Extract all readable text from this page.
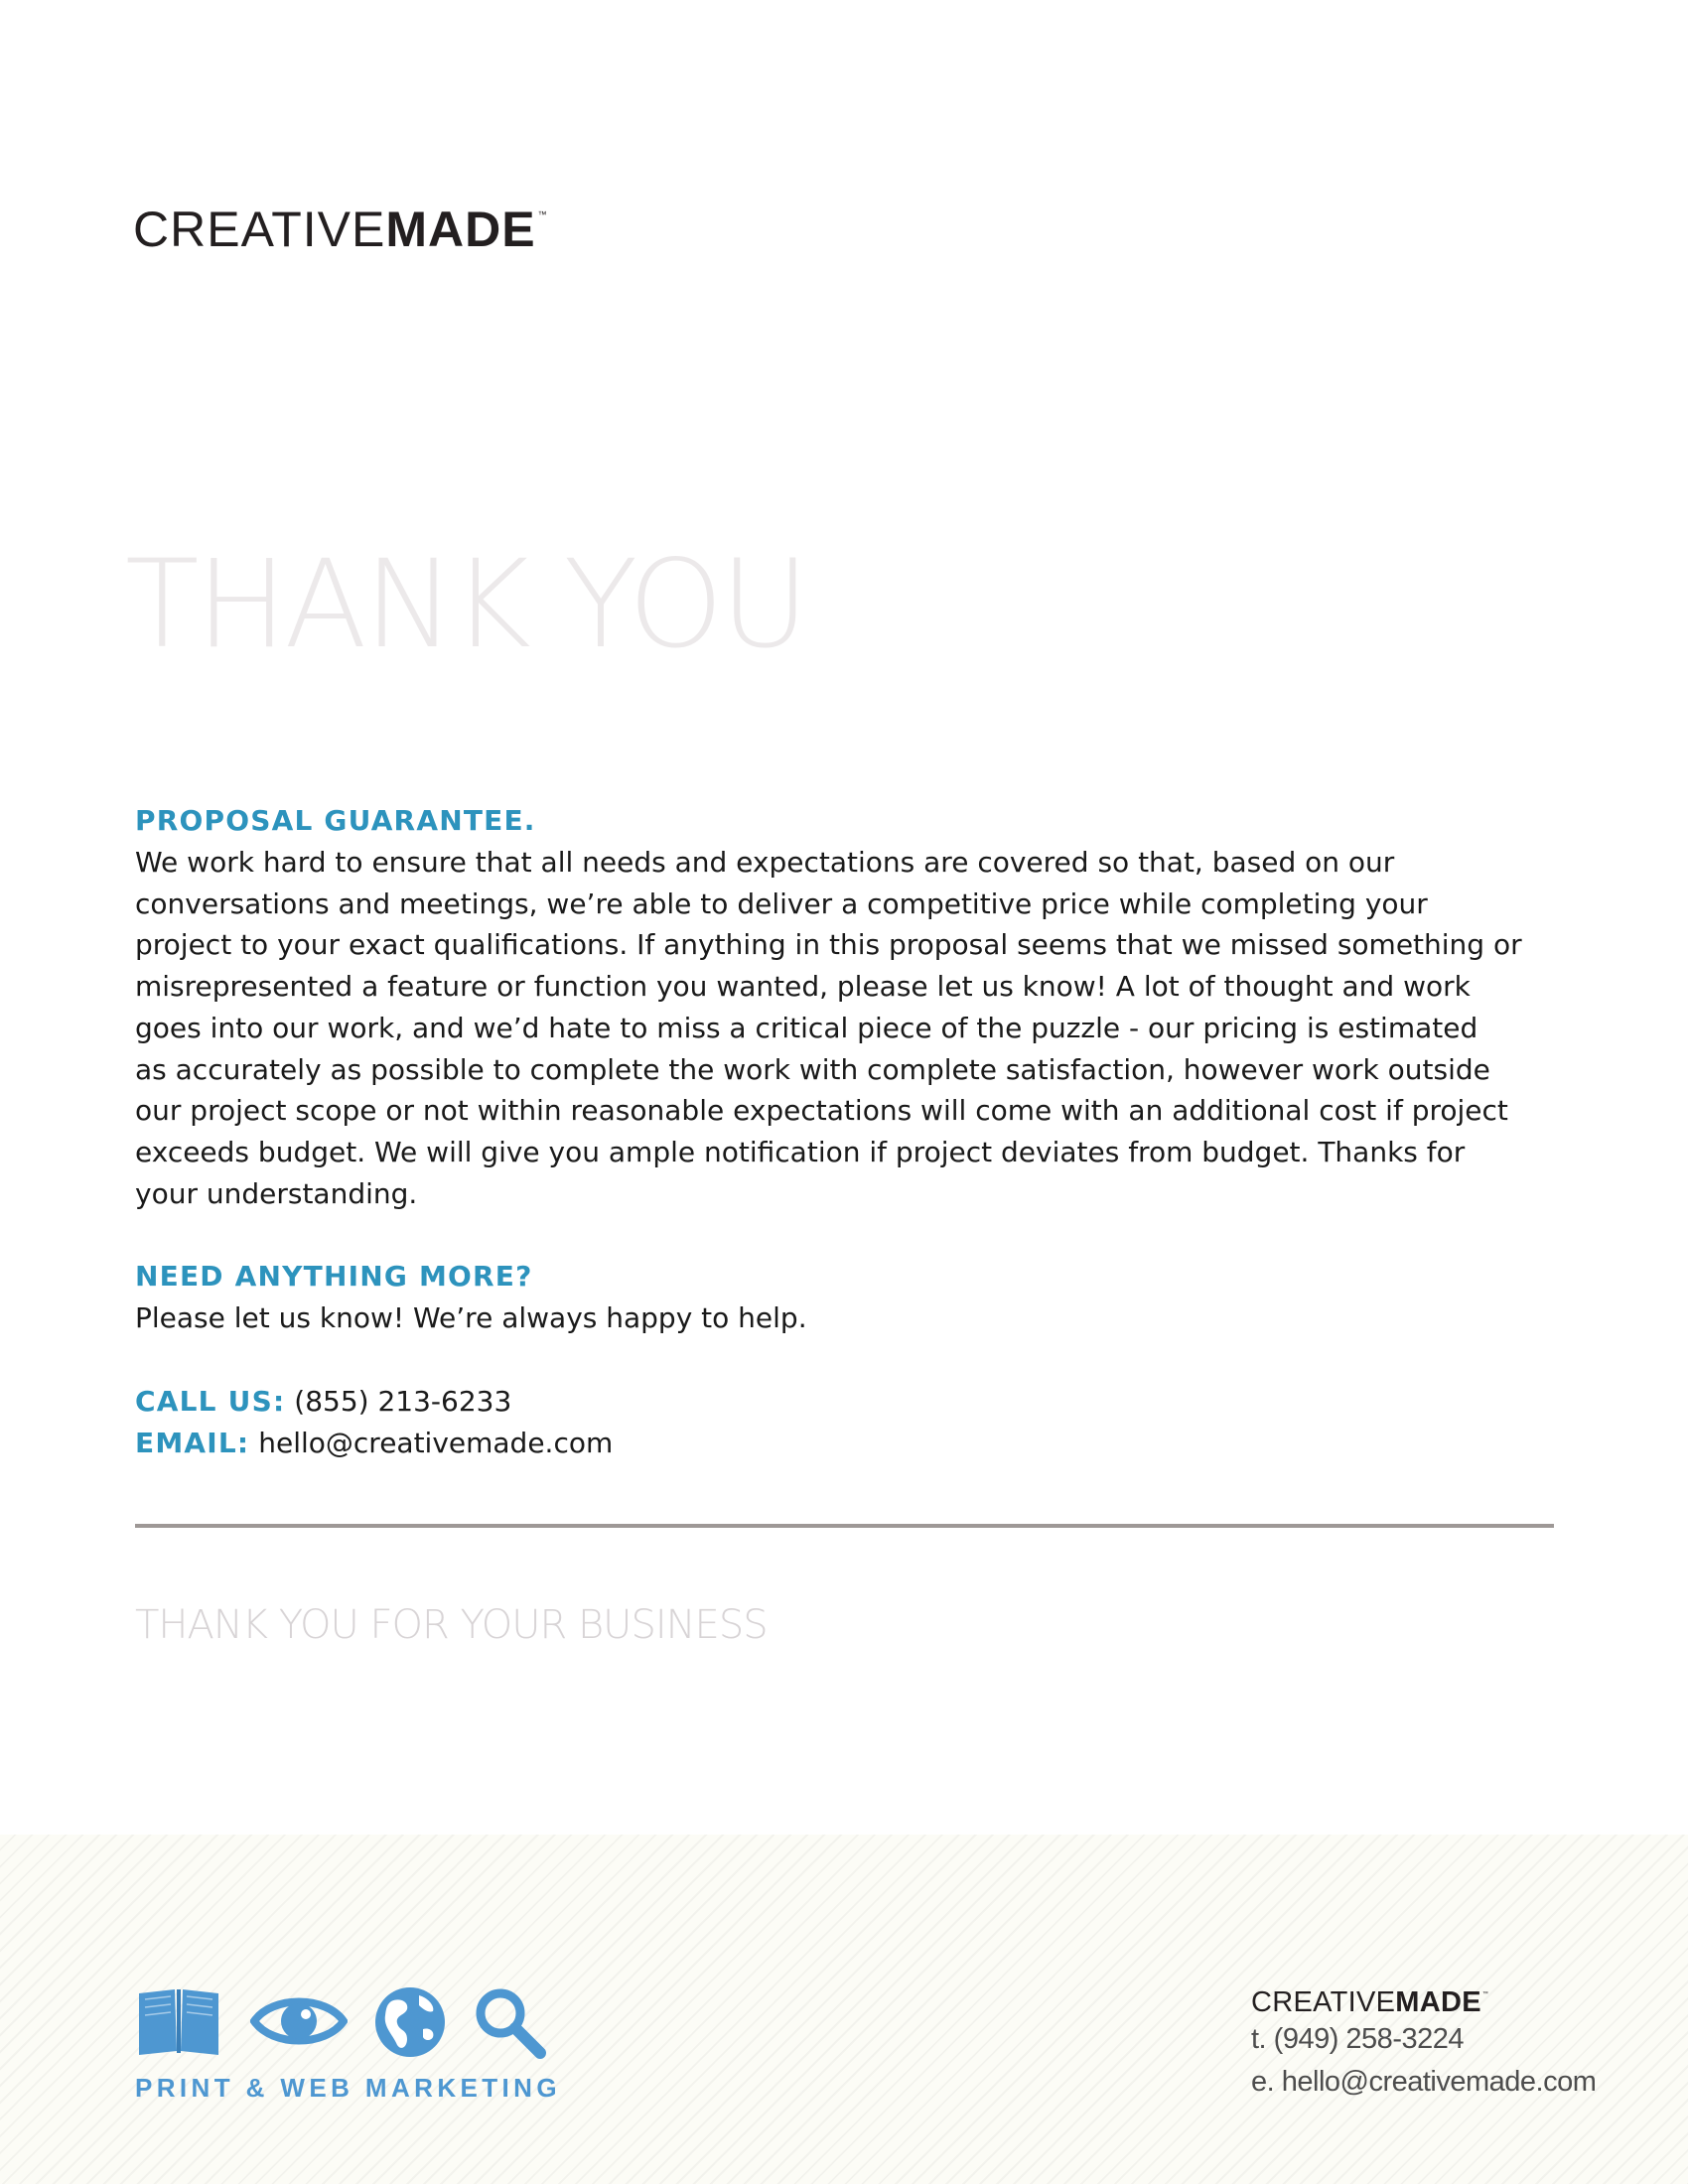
CREATIVEMADE ™
THANK YOU
PROPOSAL GUARANTEE.
We work hard to ensure that all needs and expectations are covered so that, based on our
conversations and meetings, we’re able to deliver a competitive price while completing your
project to your exact qualifications. If anything in this proposal seems that we missed something or
misrepresented a feature or function you wanted, please let us know! A lot of thought and work
goes into our work, and we’d hate to miss a critical piece of the puzzle - our pricing is estimated
as accurately as possible to complete the work with complete satisfaction, however work outside
our project scope or not within reasonable expectations will come with an additional cost if project
exceeds budget. We will give you ample notification if project deviates from budget. Thanks for
your understanding.
NEED ANYTHING MORE?
Please let us know! We’re always happy to help.
CALL US: (855) 213-6233
EMAIL: hello@creativemade.com
THANK YOU FOR YOUR BUSINESS
PRINT & WEB MARKETING
CREATIVEMADE™
t. (949) 258-3224
e. hello@creativemade.com
